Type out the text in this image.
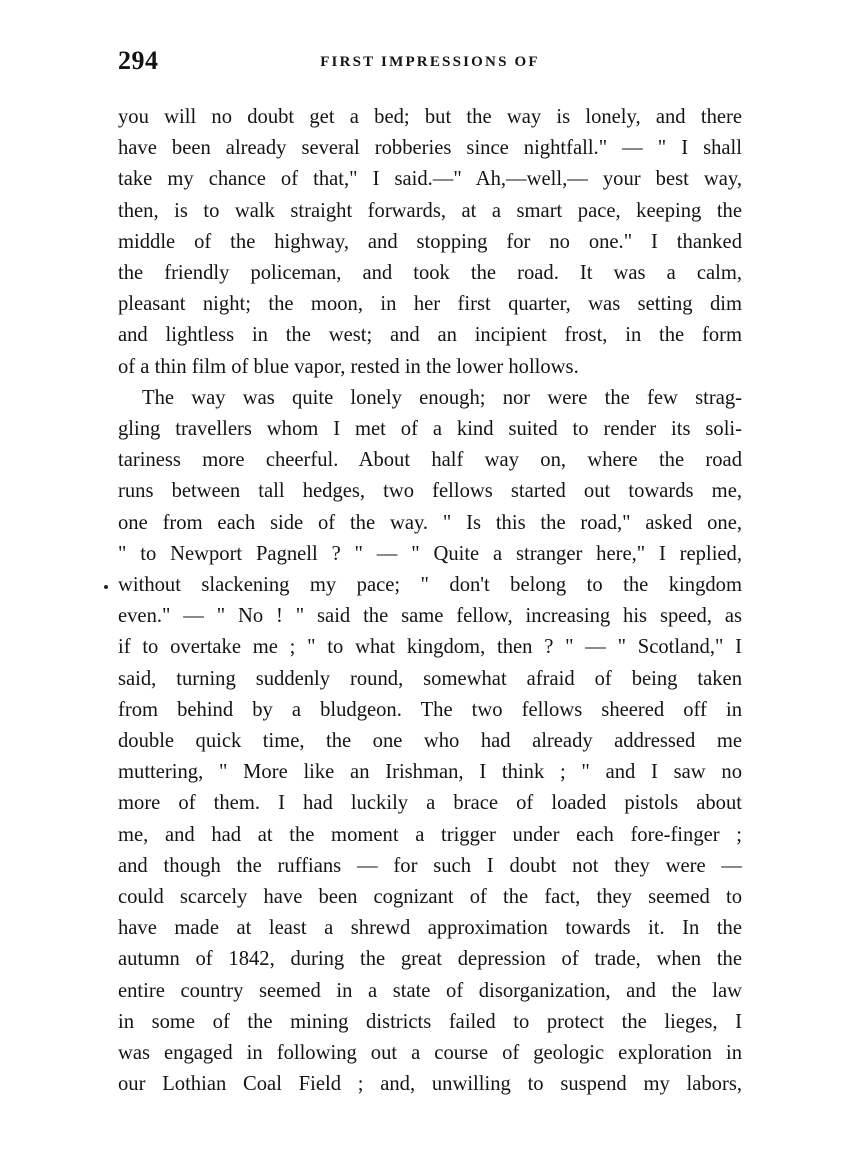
294	FIRST IMPRESSIONS OF

you will no doubt get a bed; but the way is lonely, and there
have been already several robberies since nightfall." — " I shall
take my chance of that," I said.—" Ah,—well,— your best way,
then, is to walk straight forwards, at a smart pace, keeping the
middle of the highway, and stopping for no one." I thanked
the friendly policeman, and took the road. It was a calm,
pleasant night; the moon, in her first quarter, was setting dim
and lightless in the west; and an incipient frost, in the form
of a thin film of blue vapor, rested in the lower hollows.

The way was quite lonely enough; nor were the few strag-
gling travellers whom I met of a kind suited to render its soli-
tariness more cheerful. About half way on, where the road
runs between tall hedges, two fellows started out towards me,
one from each side of the way. " Is this the road," asked one,
" to Newport Pagnell ? " — " Quite a stranger here," I replied,
without slackening my pace; " don't belong to the kingdom
even." — " No ! " said the same fellow, increasing his speed, as
if to overtake me ; " to what kingdom, then ? " — " Scotland," I
said, turning suddenly round, somewhat afraid of being taken
from behind by a bludgeon. The two fellows sheered off in
double quick time, the one who had already addressed me
muttering, " More like an Irishman, I think ; " and I saw no
more of them. I had luckily a brace of loaded pistols about
me, and had at the moment a trigger under each fore-finger ;
and though the ruffians — for such I doubt not they were —
could scarcely have been cognizant of the fact, they seemed to
have made at least a shrewd approximation towards it. In the
autumn of 1842, during the great depression of trade, when the
entire country seemed in a state of disorganization, and the law
in some of the mining districts failed to protect the lieges, I
was engaged in following out a course of geologic exploration in
our Lothian Coal Field ; and, unwilling to suspend my labors,
